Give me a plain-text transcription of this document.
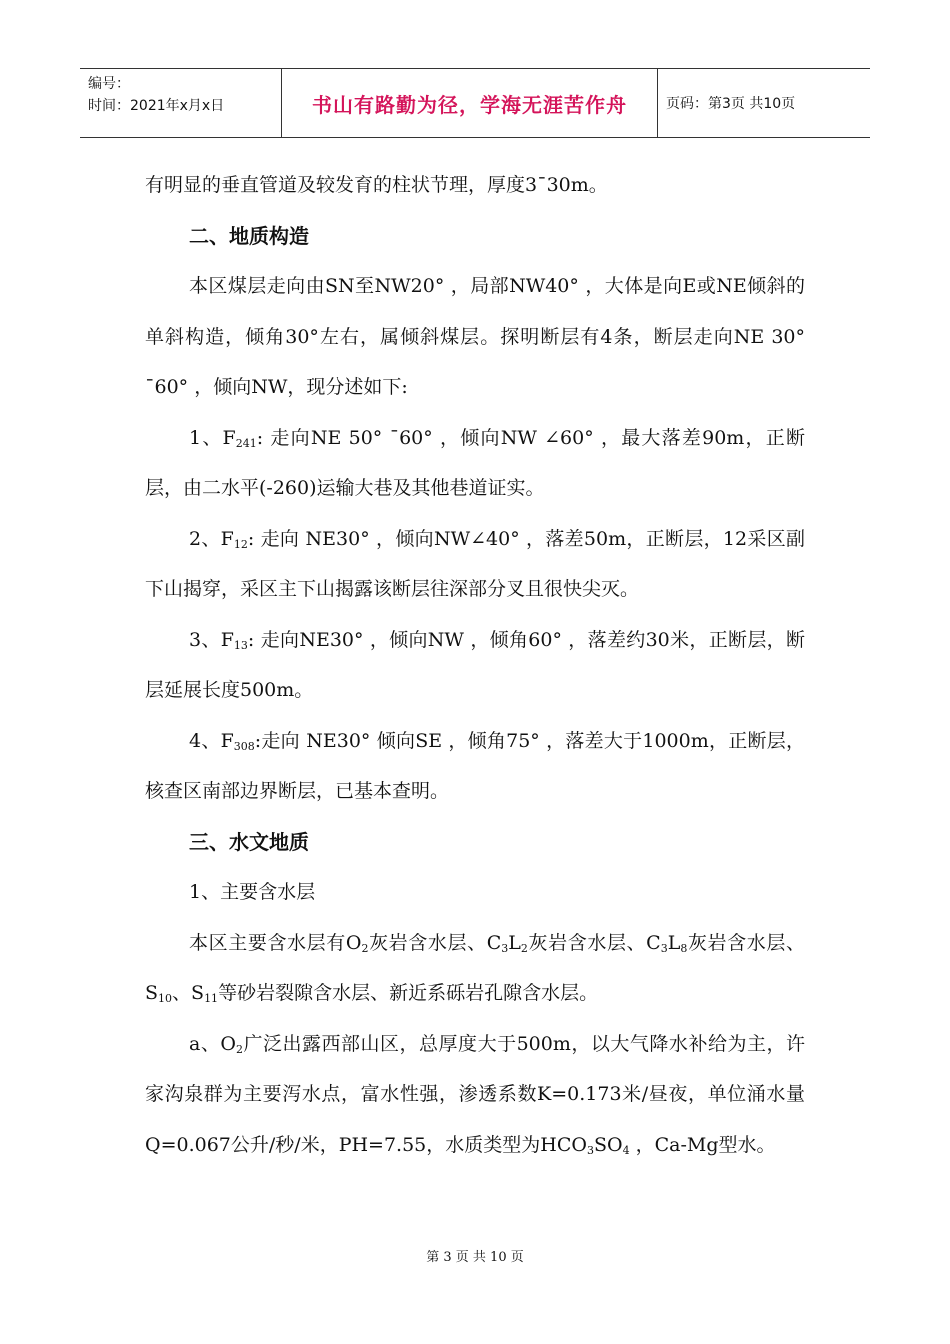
编号：
时间：2021年x月x日	书山有路勤为径，学海无涯苦作舟	页码：第3页 共10页

有明显的垂直管道及较发育的柱状节理，厚度3¯30m。

二、地质构造

本区煤层走向由SN至NW20° ，局部NW40° ，大体是向E或NE倾斜的单斜构造，倾角30°左右，属倾斜煤层。探明断层有4条，断层走向NE 30° ¯60° ，倾向NW，现分述如下:

1、$F_{241}$: 走向NE 50° ¯60° ，倾向NW ∠60° ，最大落差90m，正断层，由二水平(-260)运输大巷及其他巷道证实。

2、$F_{12}$: 走向 NE30° ，倾向NW∠40° ，落差50m，正断层，12采区副下山揭穿，采区主下山揭露该断层往深部分叉且很快尖灭。

3、$F_{13}$: 走向NE30° ，倾向NW ，倾角60° ，落差约30米，正断层，断层延展长度500m。

4、$F_{308}$:走向 NE30° 倾向SE ，倾角75° ，落差大于1000m，正断层，核查区南部边界断层，已基本查明。

三、水文地质

1、主要含水层

本区主要含水层有$O_2$灰岩含水层、$C_3L_2$灰岩含水层、$C_3L_8$灰岩含水层、$S_{10}$、$S_{11}$等砂岩裂隙含水层、新近系砾岩孔隙含水层。

a、$O_2$广泛出露西部山区，总厚度大于500m，以大气降水补给为主，许家沟泉群为主要泻水点，富水性强，渗透系数K=0.173米/昼夜，单位涌水量Q=0.067公升/秒/米，PH=7.55，水质类型为$HCO_3SO_4$ ，Ca-Mg型水。

第 3 页 共 10 页
